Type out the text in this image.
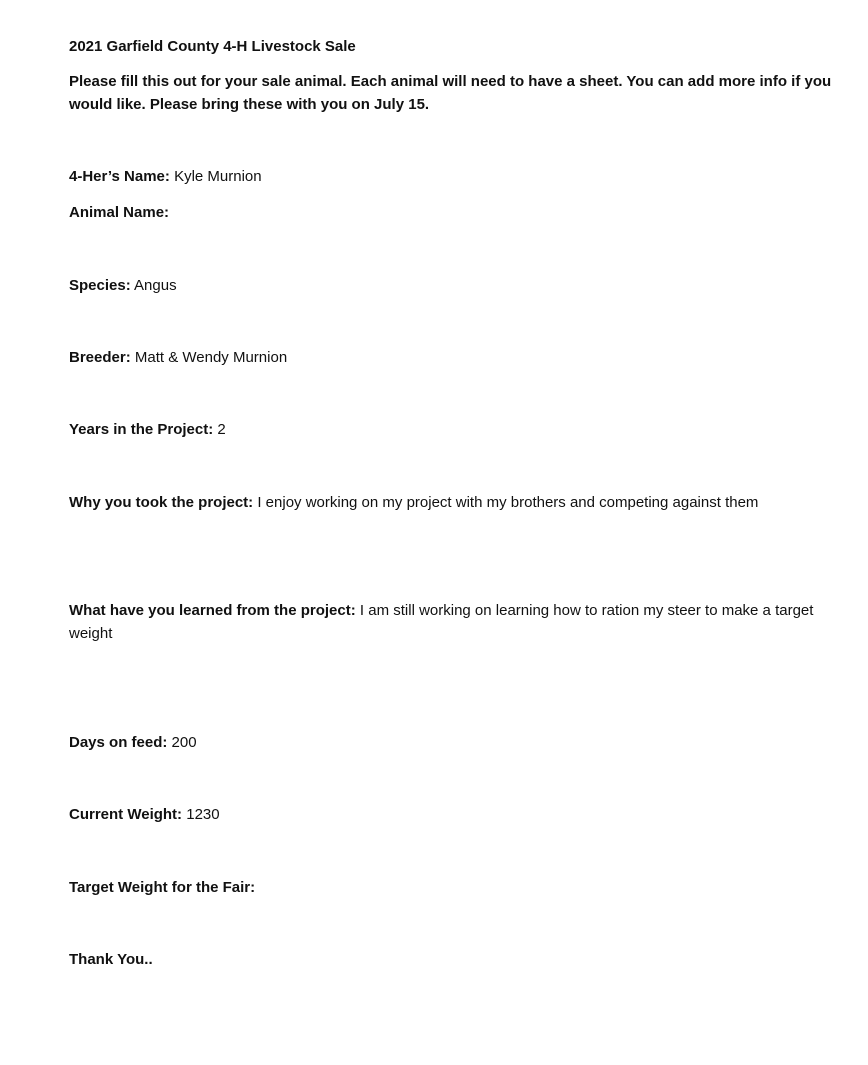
2021 Garfield County 4-H Livestock Sale
Please fill this out for your sale animal. Each animal will need to have a sheet. You can add more info if you would like. Please bring these with you on July 15.
4-Her’s Name: Kyle Murnion
Animal Name:
Species: Angus
Breeder: Matt & Wendy Murnion
Years in the Project: 2
Why you took the project: I enjoy working on my project with my brothers and competing against them
What have you learned from the project: I am still working on learning how to ration my steer to make a target weight
Days on feed: 200
Current Weight: 1230
Target Weight for the Fair:
Thank You..
